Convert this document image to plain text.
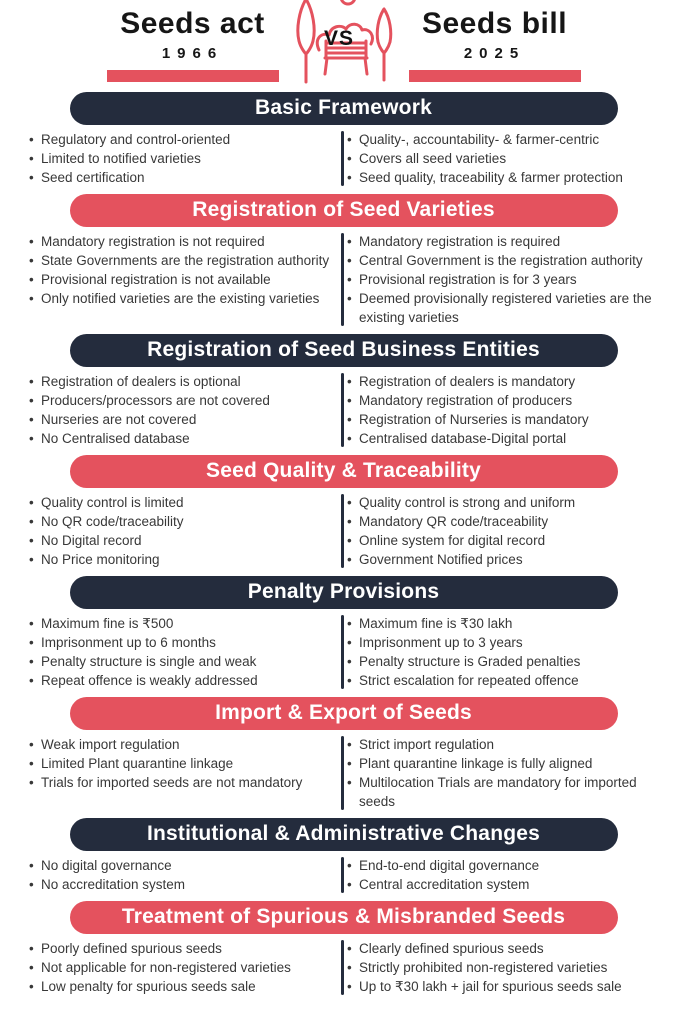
Seeds act
1966
VS	Seeds bill
2025
Basic Framework
• Regulatory and control-oriented
• Limited to notified varieties
• Seed certification
• Quality-, accountability- & farmer-centric
• Covers all seed varieties
• Seed quality, traceability & farmer protection
Registration of Seed Varieties
• Mandatory registration is not required
• State Governments are the registration authority
• Provisional registration is not available
• Only notified varieties are the existing varieties
• Mandatory registration is required
• Central Government is the registration authority
• Provisional registration is for 3 years
• Deemed provisionally registered varieties are the existing varieties
Registration of Seed Business Entities
• Registration of dealers is optional
• Producers/processors are not covered
• Nurseries are not covered
• No Centralised database
• Registration of dealers is mandatory
• Mandatory registration of producers
• Registration of Nurseries is mandatory
• Centralised database-Digital portal
Seed Quality & Traceability
• Quality control is limited
• No QR code/traceability
• No Digital record
• No Price monitoring
• Quality control is strong and uniform
• Mandatory QR code/traceability
• Online system for digital record
• Government Notified prices
Penalty Provisions
• Maximum fine is ₹500
• Imprisonment up to 6 months
• Penalty structure is single and weak
• Repeat offence is weakly addressed
• Maximum fine is ₹30 lakh
• Imprisonment up to 3 years
• Penalty structure is Graded penalties
• Strict escalation for repeated offence
Import & Export of Seeds
• Weak import regulation
• Limited Plant quarantine linkage
• Trials for imported seeds are not mandatory
• Strict import regulation
• Plant quarantine linkage is fully aligned
• Multilocation Trials are mandatory for imported seeds
Institutional & Administrative Changes
• No digital governance
• No accreditation system
• End-to-end digital governance
• Central accreditation system
Treatment of Spurious & Misbranded Seeds
• Poorly defined spurious seeds
• Not applicable for non-registered varieties
• Low penalty for spurious seeds sale
• Clearly defined spurious seeds
• Strictly prohibited non-registered varieties
• Up to ₹30 lakh + jail for spurious seeds sale
